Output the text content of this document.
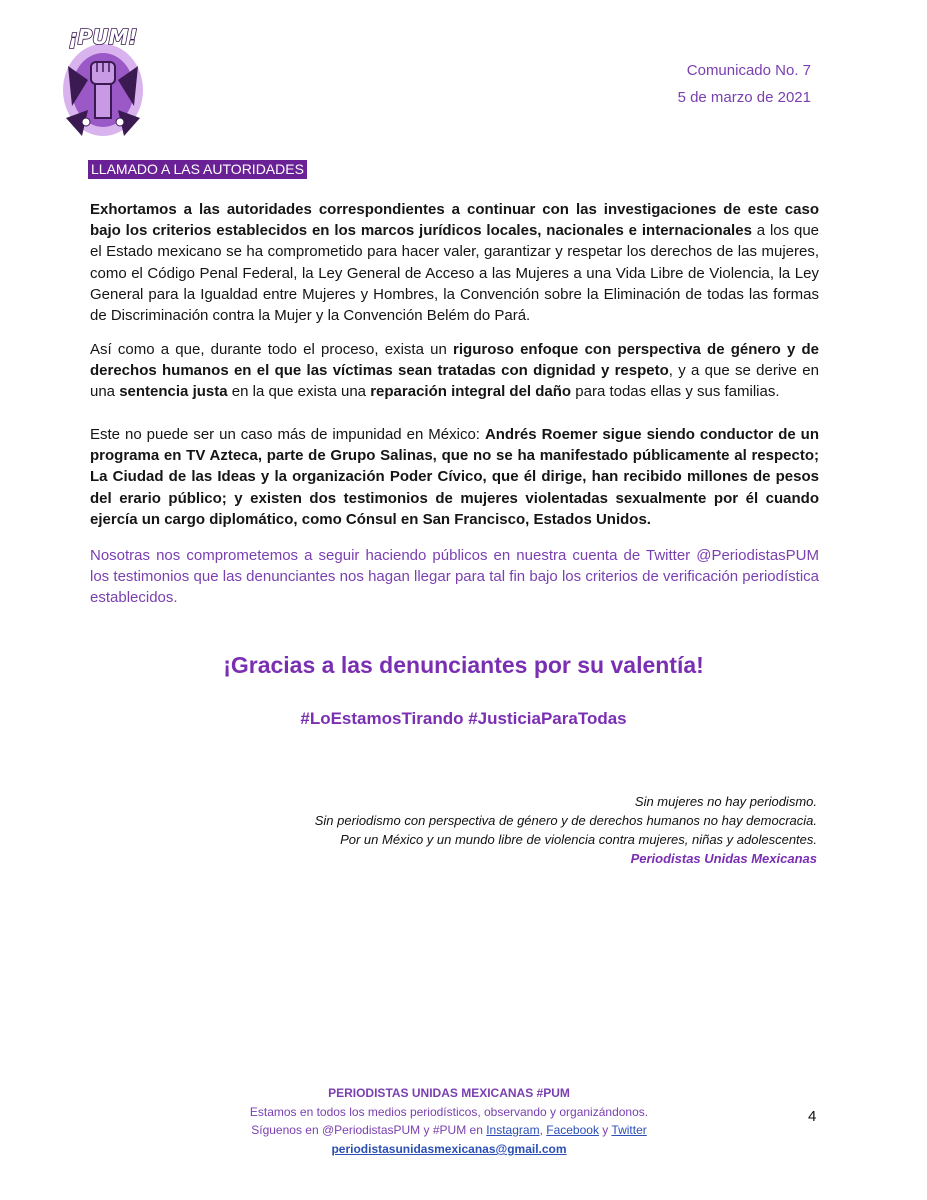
¡PUM!
Comunicado No. 7
5 de marzo de 2021
LLAMADO A LAS AUTORIDADES
Exhortamos a las autoridades correspondientes a continuar con las investigaciones de este caso bajo los criterios establecidos en los marcos jurídicos locales, nacionales e internacionales a los que el Estado mexicano se ha comprometido para hacer valer, garantizar y respetar los derechos de las mujeres, como el Código Penal Federal, la Ley General de Acceso a las Mujeres a una Vida Libre de Violencia, la Ley General para la Igualdad entre Mujeres y Hombres, la Convención sobre la Eliminación de todas las formas de Discriminación contra la Mujer y la Convención Belém do Pará.
Así como a que, durante todo el proceso, exista un riguroso enfoque con perspectiva de género y de derechos humanos en el que las víctimas sean tratadas con dignidad y respeto, y a que se derive en una sentencia justa en la que exista una reparación integral del daño para todas ellas y sus familias.
Este no puede ser un caso más de impunidad en México: Andrés Roemer sigue siendo conductor de un programa en TV Azteca, parte de Grupo Salinas, que no se ha manifestado públicamente al respecto; La Ciudad de las Ideas y la organización Poder Cívico, que él dirige, han recibido millones de pesos del erario público; y existen dos testimonios de mujeres violentadas sexualmente por él cuando ejercía un cargo diplomático, como Cónsul en San Francisco, Estados Unidos.
Nosotras nos comprometemos a seguir haciendo públicos en nuestra cuenta de Twitter @PeriodistasPUM los testimonios que las denunciantes nos hagan llegar para tal fin bajo los criterios de verificación periodística establecidos.
¡Gracias a las denunciantes por su valentía!
#LoEstamosTirando #JusticiaParaTodas
Sin mujeres no hay periodismo.
Sin periodismo con perspectiva de género y de derechos humanos no hay democracia.
Por un México y un mundo libre de violencia contra mujeres, niñas y adolescentes.
Periodistas Unidas Mexicanas
PERIODISTAS UNIDAS MEXICANAS #PUM
Estamos en todos los medios periodísticos, observando y organizándonos.
Síguenos en @PeriodistasPUM y #PUM en Instagram, Facebook y Twitter
periodistasunidasmexicanas@gmail.com
4
